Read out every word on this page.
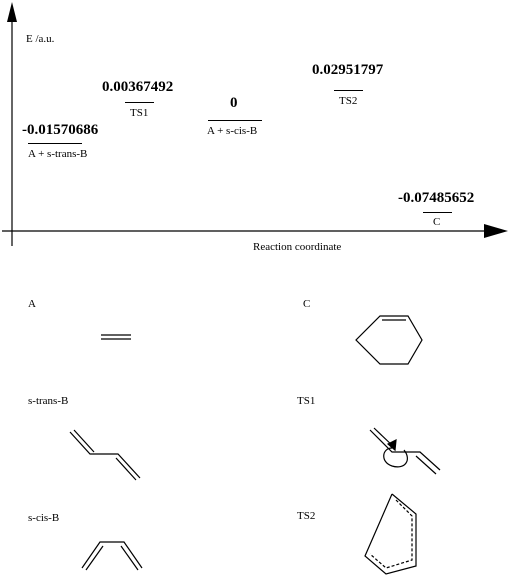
E /a.u.
Reaction coordinate
-0.01570686
A + s-trans-B
0.00367492
TS1
0
A + s-cis-B
0.02951797
TS2
-0.07485652
C
A	C
s-trans-B	TS1
s-cis-B	TS2
